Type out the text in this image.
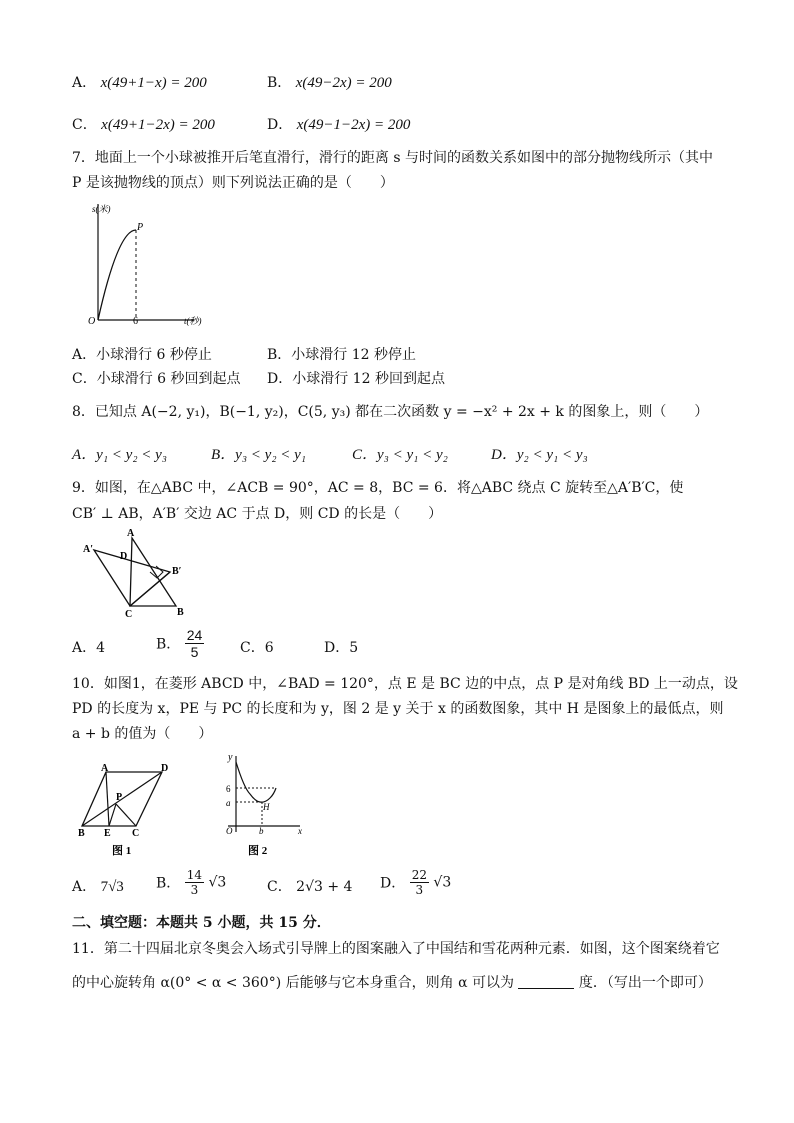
A． x(49+1−x) = 200	B． x(49−2x) = 200
C． x(49+1−2x) = 200	D． x(49−1−2x) = 200
7．地面上一个小球被推开后笔直滑行，滑行的距离 s 与时间的函数关系如图中的部分抛物线所示（其中
P 是该抛物线的顶点）则下列说法正确的是（　　）
s(米)
P
O	6	t(秒)
A．小球滑行 6 秒停止	B．小球滑行 12 秒停止
C．小球滑行 6 秒回到起点 D．小球滑行 12 秒回到起点
8．已知点 A(−2, y₁)，B(−1, y₂)，C(5, y₃) 都在二次函数 y = −x² + 2x + k 的图象上，则（　　）
A．y₁ < y₂ < y₃	B．y₃ < y₂ < y₁	C．y₃ < y₁ < y₂	D．y₂ < y₁ < y₃
9．如图，在△ABC 中，∠ACB = 90°，AC = 8，BC = 6．将△ABC 绕点 C 旋转至△A′B′C，使
CB′ ⊥ AB，A′B′ 交边 AC 于点 D，则 CD 的长是（　　）
A
A′
D
B′
C	B
A．4	B． $\frac{24}{5}$	C．6	D．5
10．如图1，在菱形 ABCD 中，∠BAD = 120°，点 E 是 BC 边的中点，点 P 是对角线 BD 上一动点，设
PD 的长度为 x，PE 与 PC 的长度和为 y，图 2 是 y 关于 x 的函数图象，其中 H 是图象上的最低点，则
a + b 的值为（　　）
A	D
P
B E C
图 1
y
6
a	H
O	b	x
图 2
A． 7√3 B． $\frac{14}{3} √3$	C． 2√3 + 4 D． $\frac{22}{3} √3$
二、填空题：本题共 5 小题，共 15 分．
11．第二十四届北京冬奥会入场式引导牌上的图案融入了中国结和雪花两种元素．如图，这个图案绕着它
的中心旋转角 α(0° < α < 360°) 后能够与它本身重合，则角 α 可以为	度．（写出一个即可）
